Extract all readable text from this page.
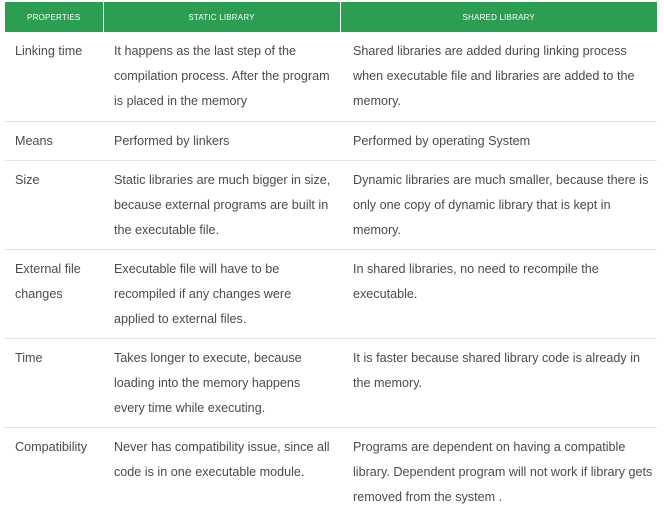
PROPERTIES	STATIC LIBRARY	SHARED LIBRARY
Linking time	It happens as the last step of the compilation process. After the program is placed in the memory	Shared libraries are added during linking process when executable file and libraries are added to the memory.
Means	Performed by linkers	Performed by operating System
Size	Static libraries are much bigger in size, because external programs are built in the executable file.	Dynamic libraries are much smaller, because there is only one copy of dynamic library that is kept in memory.
External file changes	Executable file will have to be recompiled if any changes were applied to external files.	In shared libraries, no need to recompile the executable.
Time	Takes longer to execute, because loading into the memory happens every time while executing.	It is faster because shared library code is already in the memory.
Compatibility	Never has compatibility issue, since all code is in one executable module.	Programs are dependent on having a compatible library. Dependent program will not work if library gets removed from the system .
